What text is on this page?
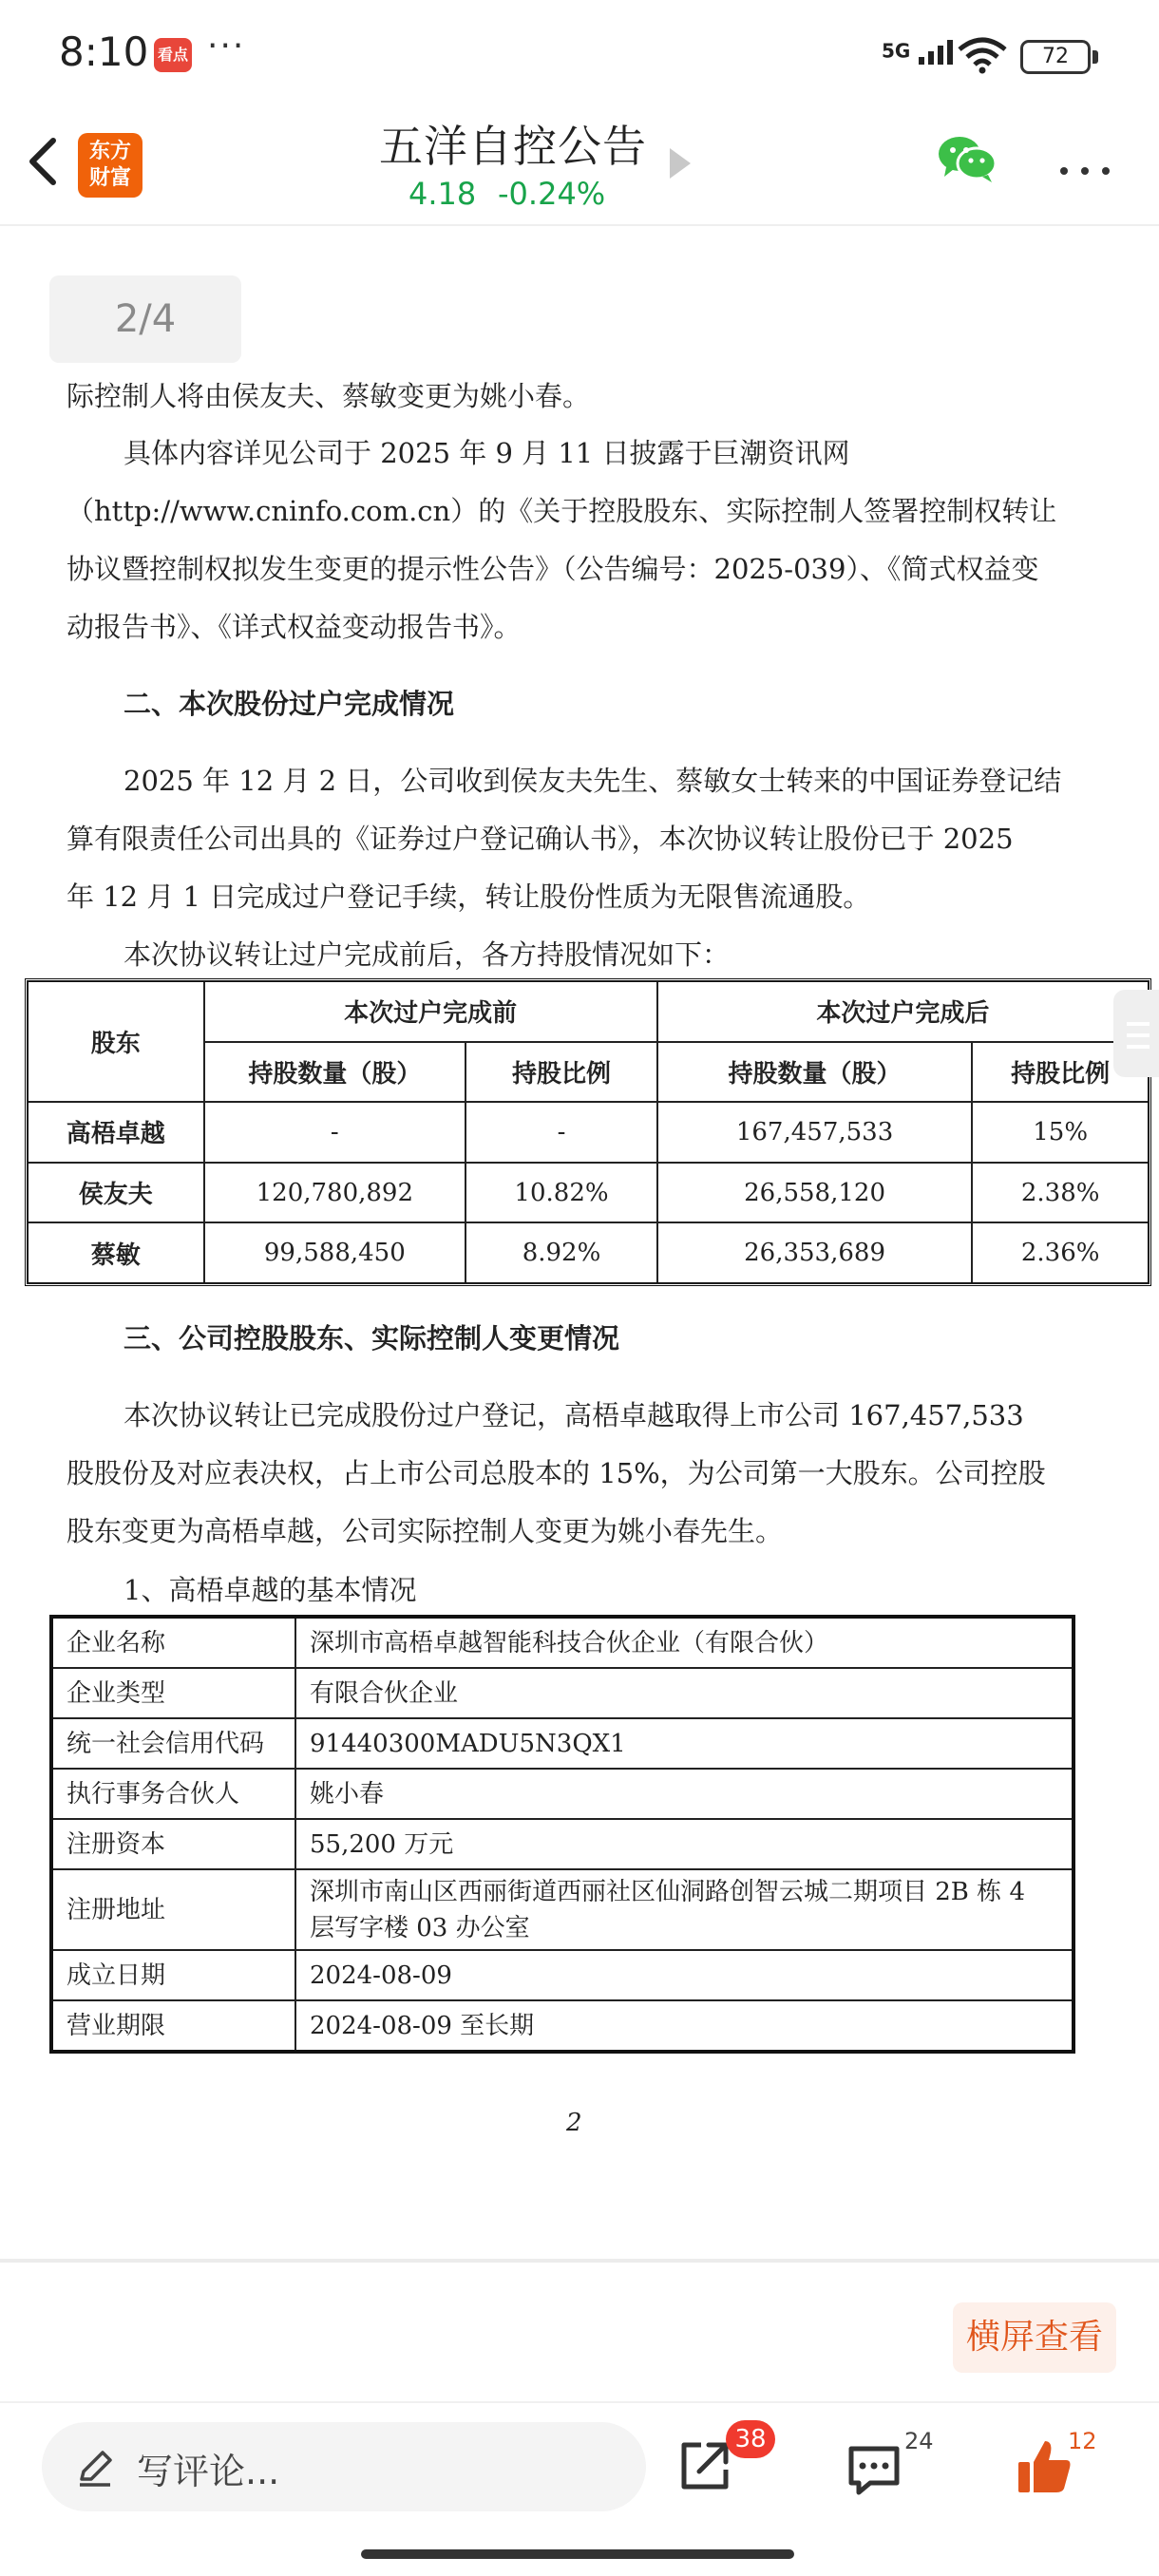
8:10 看点 ···	5G	72
东方
财富
五洋自控公告
4.18 -0.24%
2/4
际控制人将由侯友夫、蔡敏变更为姚小春。
具体内容详见公司于 2025 年 9 月 11 日披露于巨潮资讯网
（http://www.cninfo.com.cn）的《关于控股股东、实际控制人签署控制权转让
协议暨控制权拟发生变更的提示性公告》（公告编号：2025-039）、《简式权益变
动报告书》、《详式权益变动报告书》。
二、本次股份过户完成情况
2025 年 12 月 2 日，公司收到侯友夫先生、蔡敏女士转来的中国证券登记结
算有限责任公司出具的《证券过户登记确认书》，本次协议转让股份已于 2025
年 12 月 1 日完成过户登记手续，转让股份性质为无限售流通股。
本次协议转让过户完成前后，各方持股情况如下：
股东	本次过户完成前		本次过户完成后	
	持股数量（股）	持股比例	持股数量（股）	持股比例
高梧卓越	-	-	167,457,533	15%
侯友夫	120,780,892	10.82%	26,558,120	2.38%
蔡敏	99,588,450	8.92%	26,353,689	2.36%
三、公司控股股东、实际控制人变更情况
本次协议转让已完成股份过户登记，高梧卓越取得上市公司 167,457,533
股股份及对应表决权，占上市公司总股本的 15%，为公司第一大股东。公司控股
股东变更为高梧卓越，公司实际控制人变更为姚小春先生。
1、高梧卓越的基本情况
企业名称	深圳市高梧卓越智能科技合伙企业（有限合伙）
企业类型	有限合伙企业
统一社会信用代码	91440300MADU5N3QX1
执行事务合伙人	姚小春
注册资本	55,200 万元
注册地址	深圳市南山区西丽街道西丽社区仙洞路创智云城二期项目 2B 栋 4
层写字楼 03 办公室

成立日期	2024-08-09
营业期限	2024-08-09 至长期
2
横屏查看
写评论...
38	24	12
